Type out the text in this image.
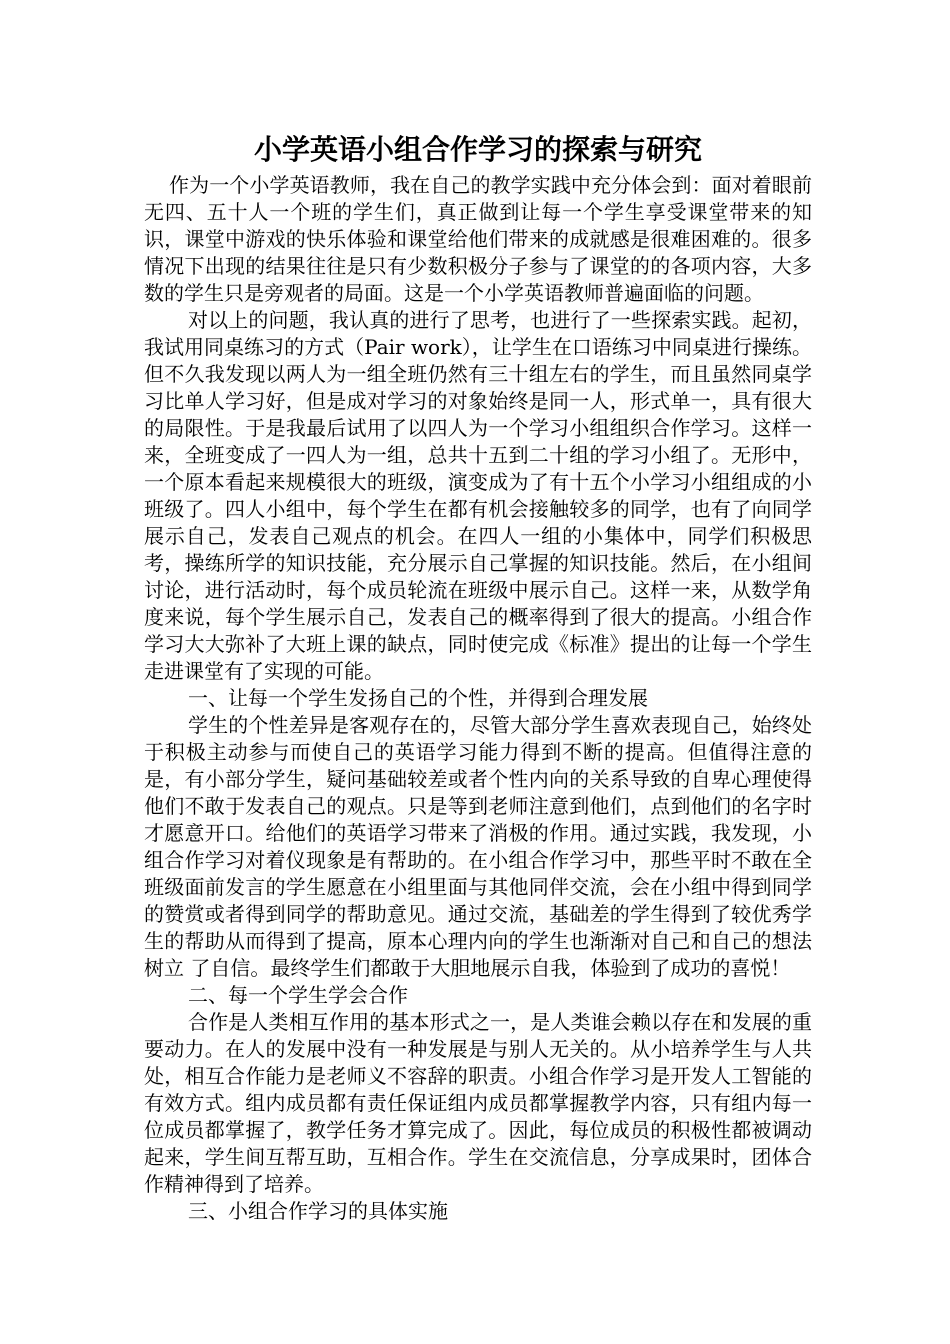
小学英语小组合作学习的探索与研究

作为一个小学英语教师，我在自己的教学实践中充分体会到：面对着眼前无四、五十人一个班的学生们，真正做到让每一个学生享受课堂带来的知识，课堂中游戏的快乐体验和课堂给他们带来的成就感是很难困难的。很多情况下出现的结果往往是只有少数积极分子参与了课堂的的各项内容，大多数的学生只是旁观者的局面。这是一个小学英语教师普遍面临的问题。

对以上的问题，我认真的进行了思考，也进行了一些探索实践。起初，我试用同桌练习的方式（Pair work），让学生在口语练习中同桌进行操练。但不久我发现以两人为一组全班仍然有三十组左右的学生，而且虽然同桌学习比单人学习好，但是成对学习的对象始终是同一人，形式单一，具有很大的局限性。于是我最后试用了以四人为一个学习小组组织合作学习。这样一来，全班变成了一四人为一组，总共十五到二十组的学习小组了。无形中，一个原本看起来规模很大的班级，演变成为了有十五个小学习小组组成的小班级了。四人小组中，每个学生在都有机会接触较多的同学，也有了向同学展示自己，发表自己观点的机会。在四人一组的小集体中，同学们积极思考，操练所学的知识技能，充分展示自己掌握的知识技能。然后，在小组间讨论，进行活动时，每个成员轮流在班级中展示自己。这样一来，从数学角度来说，每个学生展示自己，发表自己的概率得到了很大的提高。小组合作学习大大弥补了大班上课的缺点，同时使完成《标准》提出的让每一个学生走进课堂有了实现的可能。

一、让每一个学生发扬自己的个性，并得到合理发展

学生的个性差异是客观存在的，尽管大部分学生喜欢表现自己，始终处于积极主动参与而使自己的英语学习能力得到不断的提高。但值得注意的是，有小部分学生，疑问基础较差或者个性内向的关系导致的自卑心理使得他们不敢于发表自己的观点。只是等到老师注意到他们，点到他们的名字时才愿意开口。给他们的英语学习带来了消极的作用。通过实践，我发现，小组合作学习对着仪现象是有帮助的。在小组合作学习中，那些平时不敢在全班级面前发言的学生愿意在小组里面与其他同伴交流，会在小组中得到同学的赞赏或者得到同学的帮助意见。通过交流，基础差的学生得到了较优秀学生的帮助从而得到了提高，原本心理内向的学生也渐渐对自己和自己的想法树立 了自信。最终学生们都敢于大胆地展示自我，体验到了成功的喜悦！

二、每一个学生学会合作

合作是人类相互作用的基本形式之一，是人类谁会赖以存在和发展的重要动力。在人的发展中没有一种发展是与别人无关的。从小培养学生与人共处，相互合作能力是老师义不容辞的职责。小组合作学习是开发人工智能的有效方式。组内成员都有责任保证组内成员都掌握教学内容，只有组内每一位成员都掌握了，教学任务才算完成了。因此，每位成员的积极性都被调动起来，学生间互帮互助，互相合作。学生在交流信息，分享成果时，团体合作精神得到了培养。

三、小组合作学习的具体实施
